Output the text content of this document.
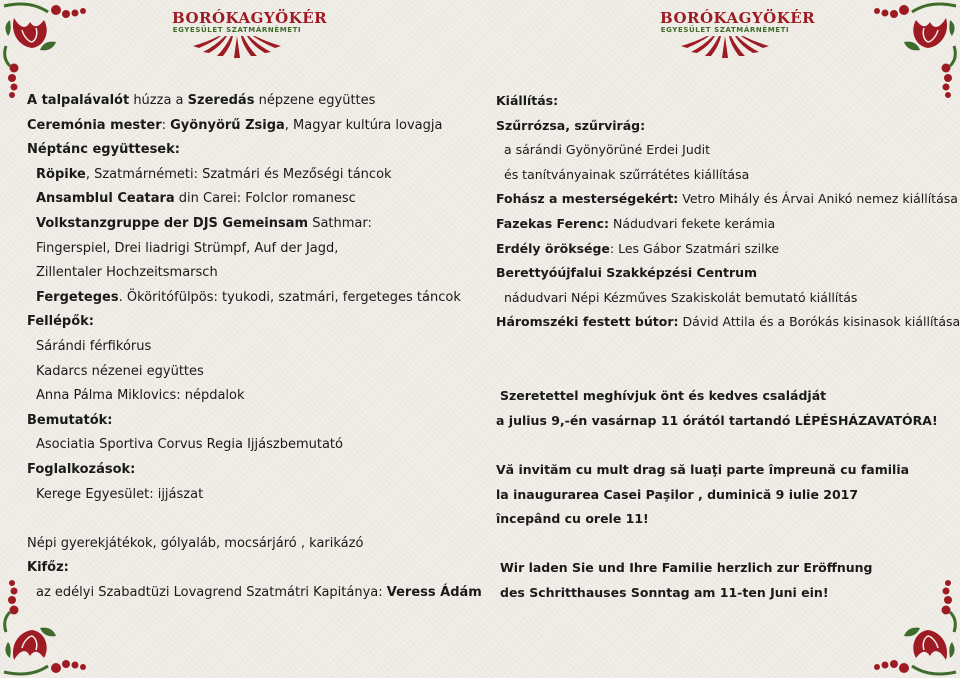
BORÓKAGYÖKÉR
EGYESÜLET SZATMÁRNÉMETI
BORÓKAGYÖKÉR
EGYESÜLET SZATMÁRNÉMETI
A talpalávalót húzza a Szeredás népzene együttes
Ceremónia mester: Gyönyörű Zsiga, Magyar kultúra lovagja
Néptánc együttesek:
Röpike, Szatmárnémeti: Szatmári és Mezőségi táncok
Ansamblul Ceatara din Carei: Folclor romanesc
Volkstanzgruppe der DJS Gemeinsam Sathmar:
Fingerspiel, Drei liadrigi Strümpf, Auf der Jagd,
Zillentaler Hochzeitsmarsch
Fergeteges. Ököritófülpös: tyukodi, szatmári, fergeteges táncok
Fellépők:
Sárándi férfikórus
Kadarcs nézenei együttes
Anna Pálma Miklovics: népdalok
Bemutatók:
Asociatia Sportiva Corvus Regia Ijjászbemutató
Foglalkozások:
Kerege Egyesület: ijjászat
Népi gyerekjátékok, gólyaláb, mocsárjáró , karikázó
Kifőz:
az edélyi Szabadtüzi Lovagrend Szatmátri Kapitánya: Veress Ádám
Kiállítás:
Szűrrózsa, szűrvirág:
a sárándi Gyönyörüné Erdei Judit
és tanítványainak szűrrátétes kiállítása
Fohász a mesterségekért: Vetro Mihály és Árvai Anikó nemez kiállítása
Fazekas Ferenc: Nádudvari fekete kerámia
Erdély öröksége: Les Gábor Szatmári szilke
Berettyóújfalui Szakképzési Centrum
nádudvari Népi Kézműves Szakiskolát bemutató kiállítás
Háromszéki festett bútor: Dávid Attila és a Borókás kisinasok kiállítása
Szeretettel meghívjuk önt és kedves családját
a julius 9,-én vasárnap 11 órától tartandó LÉPÉSHÁZAVATÓRA!
Vă invităm cu mult drag să luaţi parte împreună cu familia
la inaugurarea Casei Paşilor , duminică 9 iulie 2017
începând cu orele 11!
Wir laden Sie und Ihre Familie herzlich zur Eröffnung
des Schritthauses Sonntag am 11-ten Juni ein!
